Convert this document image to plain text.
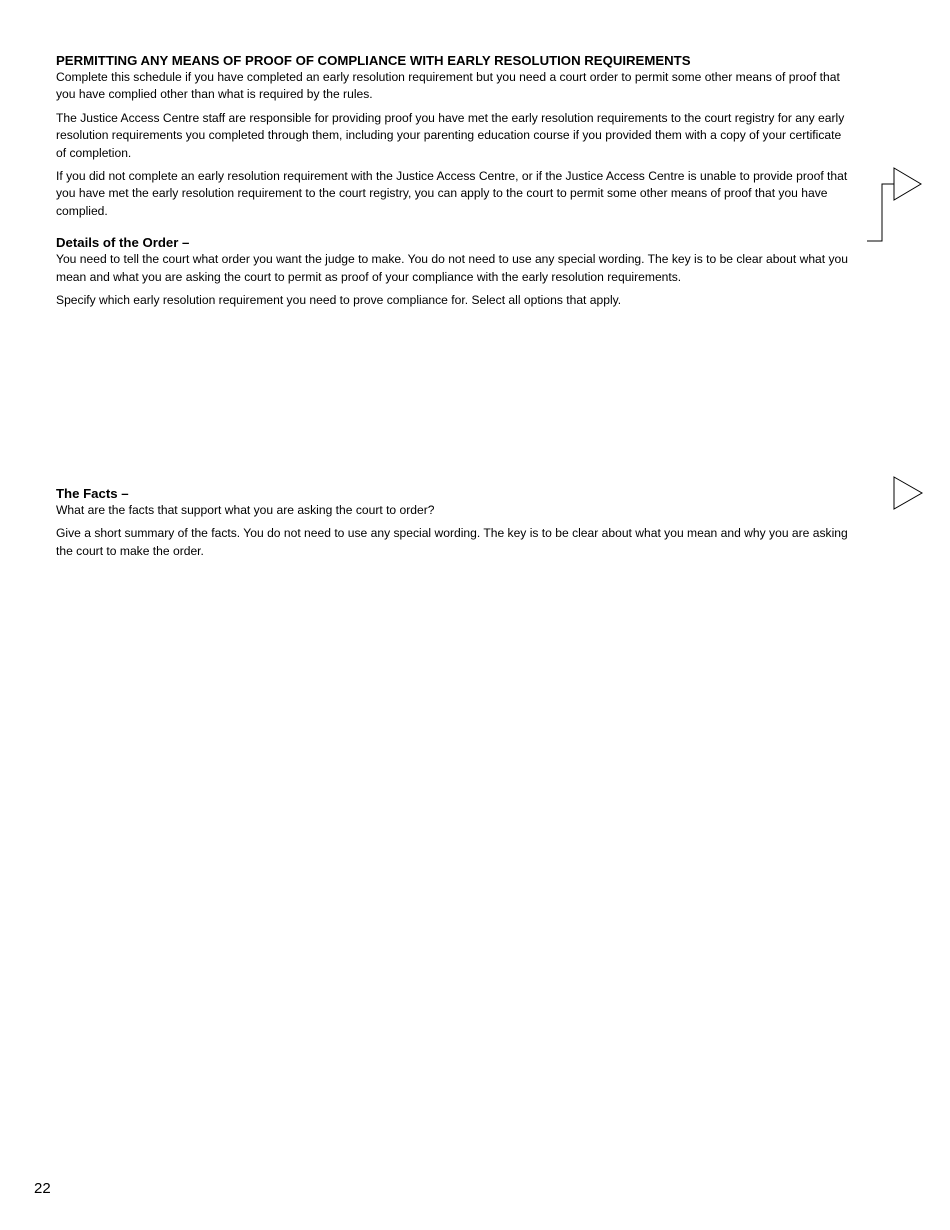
PERMITTING ANY MEANS OF PROOF OF COMPLIANCE WITH EARLY RESOLUTION REQUIREMENTS

Complete this schedule if you have completed an early resolution requirement but you need a court order to permit some other means of proof that you have complied other than what is required by the rules.

The Justice Access Centre staff are responsible for providing proof you have met the early resolution requirements to the court registry for any early resolution requirements you completed through them, including your parenting education course if you provided them with a copy of your certificate of completion.

If you did not complete an early resolution requirement with the Justice Access Centre, or if the Justice Access Centre is unable to provide proof that you have met the early resolution requirement to the court registry, you can apply to the court to permit some other means of proof that you have complied.

Details of the Order –

You need to tell the court what order you want the judge to make. You do not need to use any special wording. The key is to be clear about what you mean and what you are asking the court to permit as proof of your compliance with the early resolution requirements.

Specify which early resolution requirement you need to prove compliance for. Select all options that apply.

The Facts –

What are the facts that support what you are asking the court to order?

Give a short summary of the facts. You do not need to use any special wording. The key is to be clear about what you mean and why you are asking the court to make the order.

22
